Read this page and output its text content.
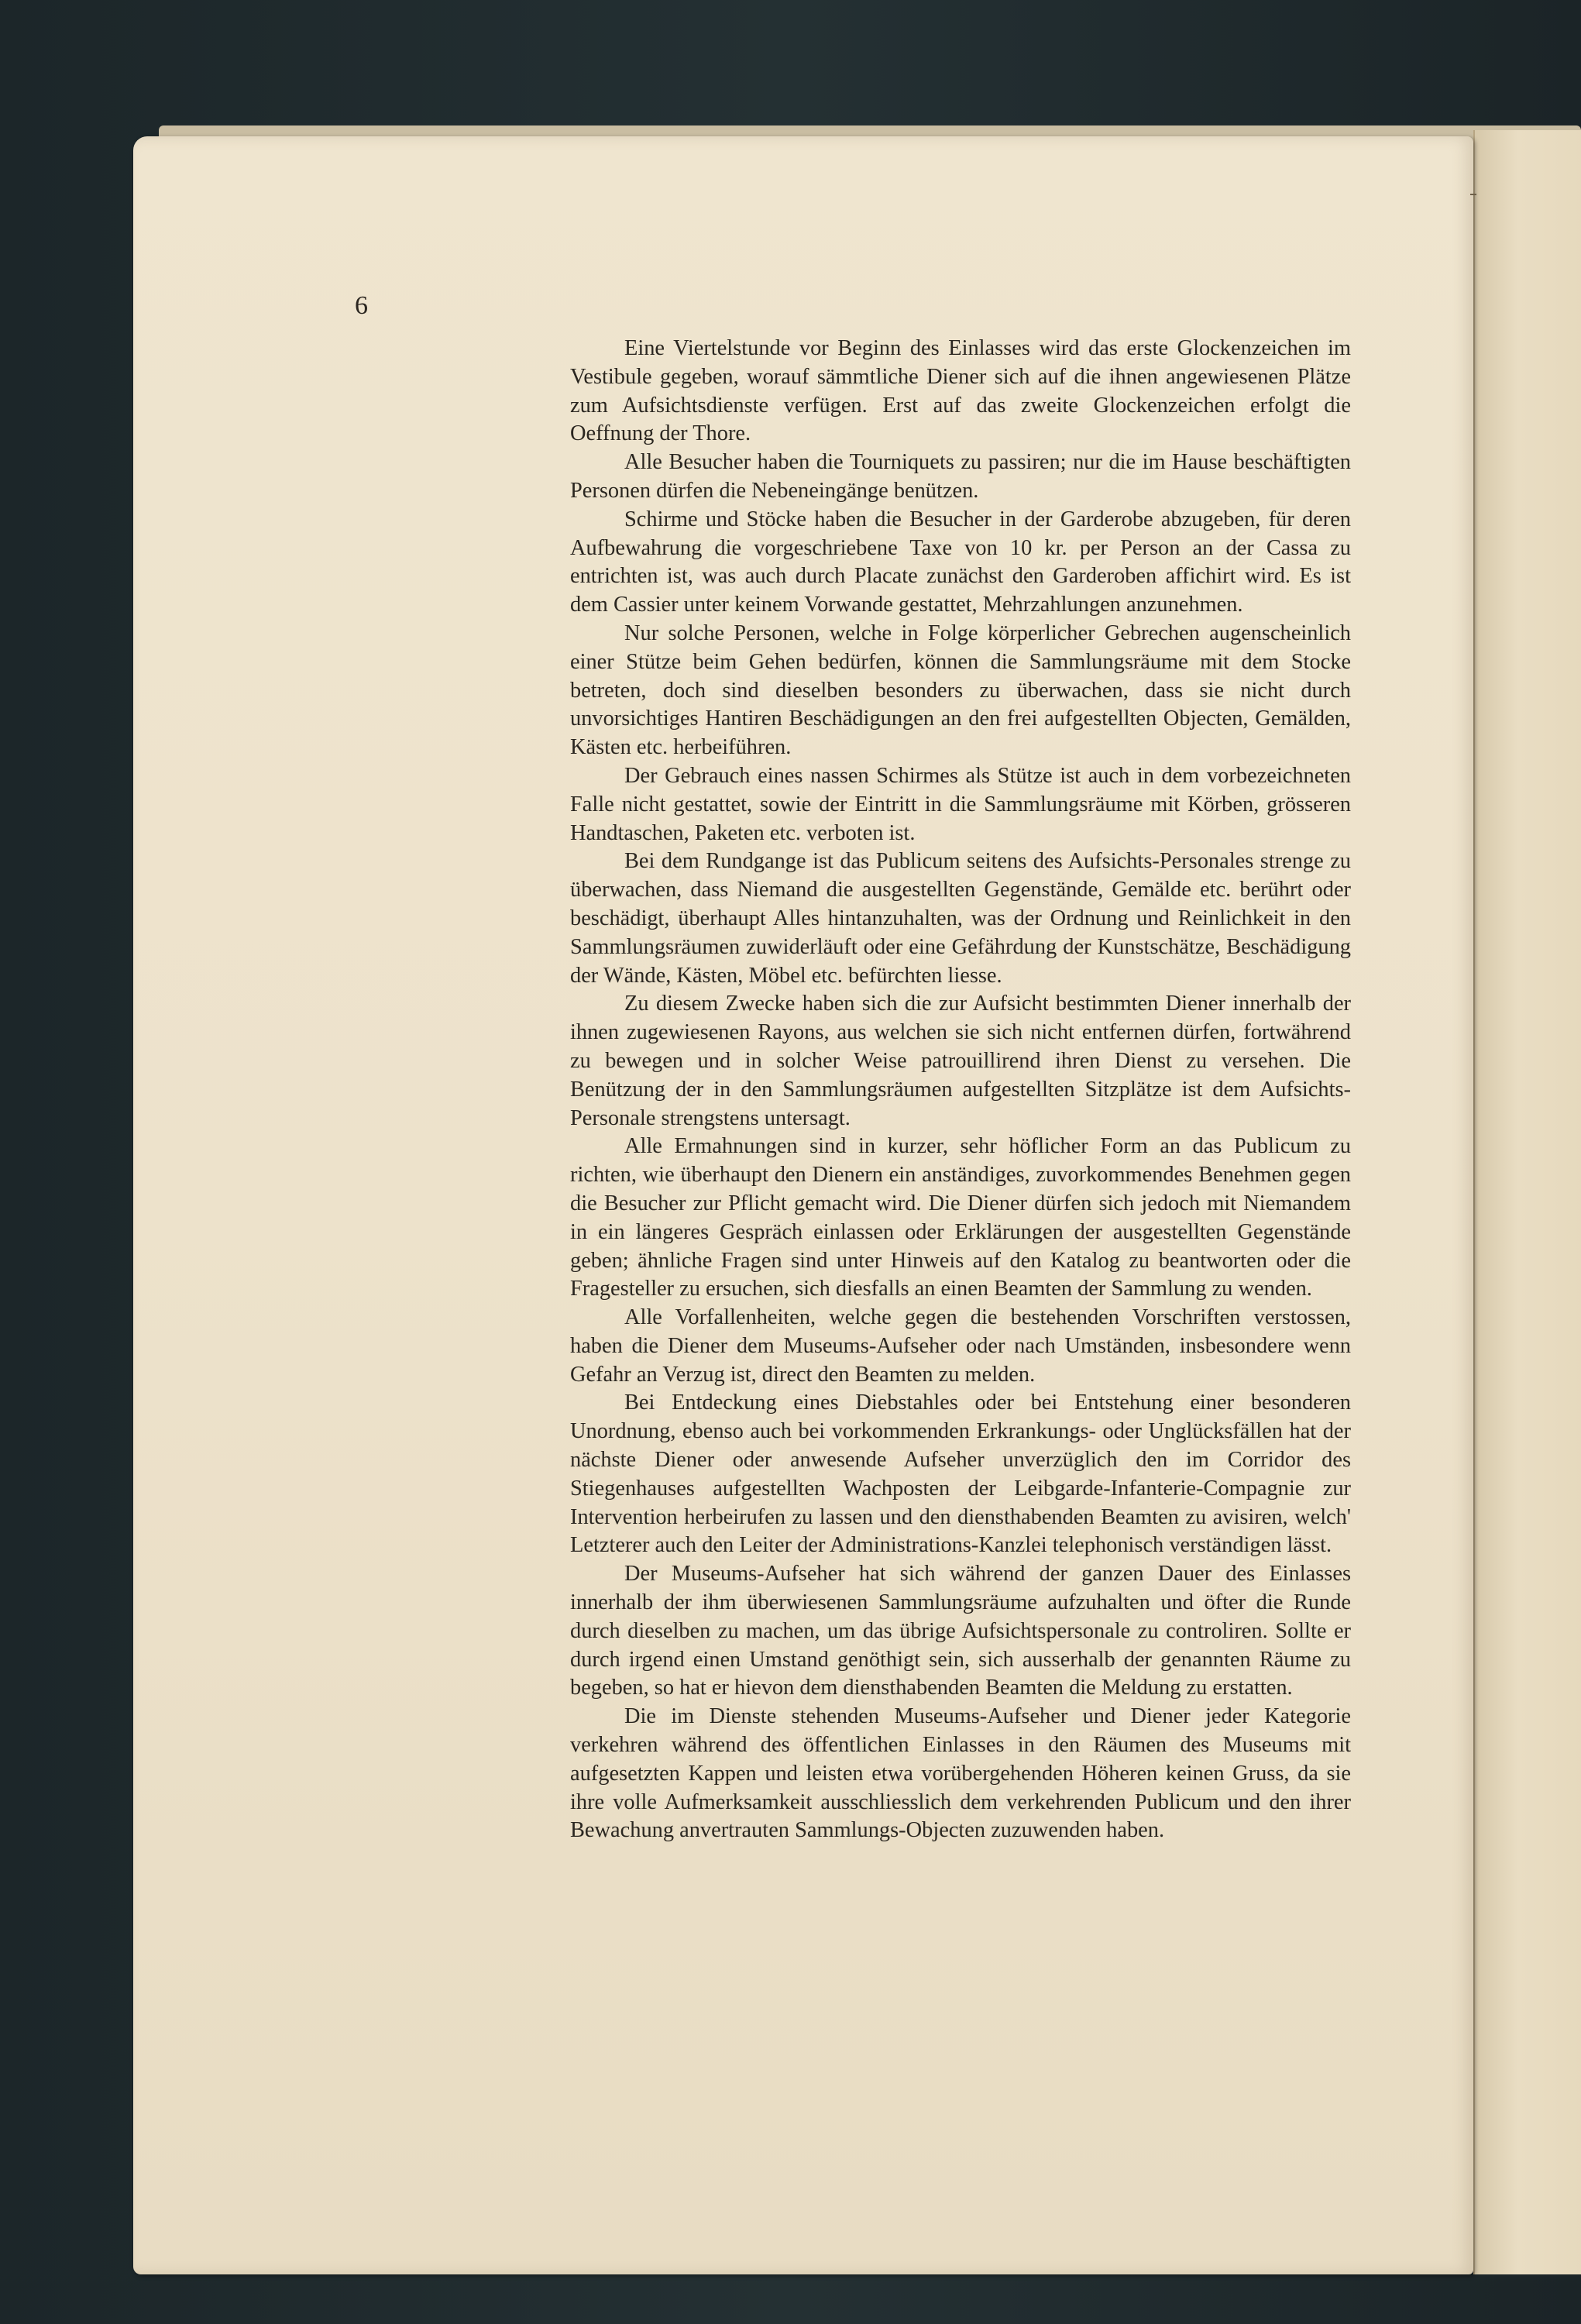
6

Eine Viertelstunde vor Beginn des Einlasses wird das erste Glockenzeichen im Vestibule gegeben, worauf sämmtliche Diener sich auf die ihnen angewiesenen Plätze zum Aufsichtsdienste verfügen. Erst auf das zweite Glockenzeichen erfolgt die Oeffnung der Thore.

Alle Besucher haben die Tourniquets zu passiren; nur die im Hause beschäftigten Personen dürfen die Nebeneingänge benützen.

Schirme und Stöcke haben die Besucher in der Garderobe abzugeben, für deren Aufbewahrung die vorgeschriebene Taxe von 10 kr. per Person an der Cassa zu entrichten ist, was auch durch Placate zunächst den Garderoben affichirt wird. Es ist dem Cassier unter keinem Vorwande gestattet, Mehrzahlungen anzunehmen.

Nur solche Personen, welche in Folge körperlicher Gebrechen augenscheinlich einer Stütze beim Gehen bedürfen, können die Sammlungsräume mit dem Stocke betreten, doch sind dieselben besonders zu überwachen, dass sie nicht durch unvorsichtiges Hantiren Beschädigungen an den frei aufgestellten Objecten, Gemälden, Kästen etc. herbeiführen.

Der Gebrauch eines nassen Schirmes als Stütze ist auch in dem vorbezeichneten Falle nicht gestattet, sowie der Eintritt in die Sammlungsräume mit Körben, grösseren Handtaschen, Paketen etc. verboten ist.

Bei dem Rundgange ist das Publicum seitens des Aufsichts-Personales strenge zu überwachen, dass Niemand die ausgestellten Gegenstände, Gemälde etc. berührt oder beschädigt, überhaupt Alles hintanzuhalten, was der Ordnung und Reinlichkeit in den Sammlungsräumen zuwiderläuft oder eine Gefährdung der Kunstschätze, Beschädigung der Wände, Kästen, Möbel etc. befürchten liesse.

Zu diesem Zwecke haben sich die zur Aufsicht bestimmten Diener innerhalb der ihnen zugewiesenen Rayons, aus welchen sie sich nicht entfernen dürfen, fortwährend zu bewegen und in solcher Weise patrouillirend ihren Dienst zu versehen. Die Benützung der in den Sammlungsräumen aufgestellten Sitzplätze ist dem Aufsichts-Personale strengstens untersagt.

Alle Ermahnungen sind in kurzer, sehr höflicher Form an das Publicum zu richten, wie überhaupt den Dienern ein anständiges, zuvorkommendes Benehmen gegen die Besucher zur Pflicht gemacht wird. Die Diener dürfen sich jedoch mit Niemandem in ein längeres Gespräch einlassen oder Erklärungen der ausgestellten Gegenstände geben; ähnliche Fragen sind unter Hinweis auf den Katalog zu beantworten oder die Fragesteller zu ersuchen, sich diesfalls an einen Beamten der Sammlung zu wenden.

Alle Vorfallenheiten, welche gegen die bestehenden Vorschriften verstossen, haben die Diener dem Museums-Aufseher oder nach Umständen, insbesondere wenn Gefahr an Verzug ist, direct den Beamten zu melden.

Bei Entdeckung eines Diebstahles oder bei Entstehung einer besonderen Unordnung, ebenso auch bei vorkommenden Erkrankungs- oder Unglücksfällen hat der nächste Diener oder anwesende Aufseher unverzüglich den im Corridor des Stiegenhauses aufgestellten Wachposten der Leibgarde-Infanterie-Compagnie zur Intervention herbeirufen zu lassen und den diensthabenden Beamten zu avisiren, welch' Letzterer auch den Leiter der Administrations-Kanzlei telephonisch verständigen lässt.

Der Museums-Aufseher hat sich während der ganzen Dauer des Einlasses innerhalb der ihm überwiesenen Sammlungsräume aufzuhalten und öfter die Runde durch dieselben zu machen, um das übrige Aufsichtspersonale zu controliren. Sollte er durch irgend einen Umstand genöthigt sein, sich ausserhalb der genannten Räume zu begeben, so hat er hievon dem diensthabenden Beamten die Meldung zu erstatten.

Die im Dienste stehenden Museums-Aufseher und Diener jeder Kategorie verkehren während des öffentlichen Einlasses in den Räumen des Museums mit aufgesetzten Kappen und leisten etwa vorübergehenden Höheren keinen Gruss, da sie ihre volle Aufmerksamkeit ausschliesslich dem verkehrenden Publicum und den ihrer Bewachung anvertrauten Sammlungs-Objecten zuzuwenden haben.
